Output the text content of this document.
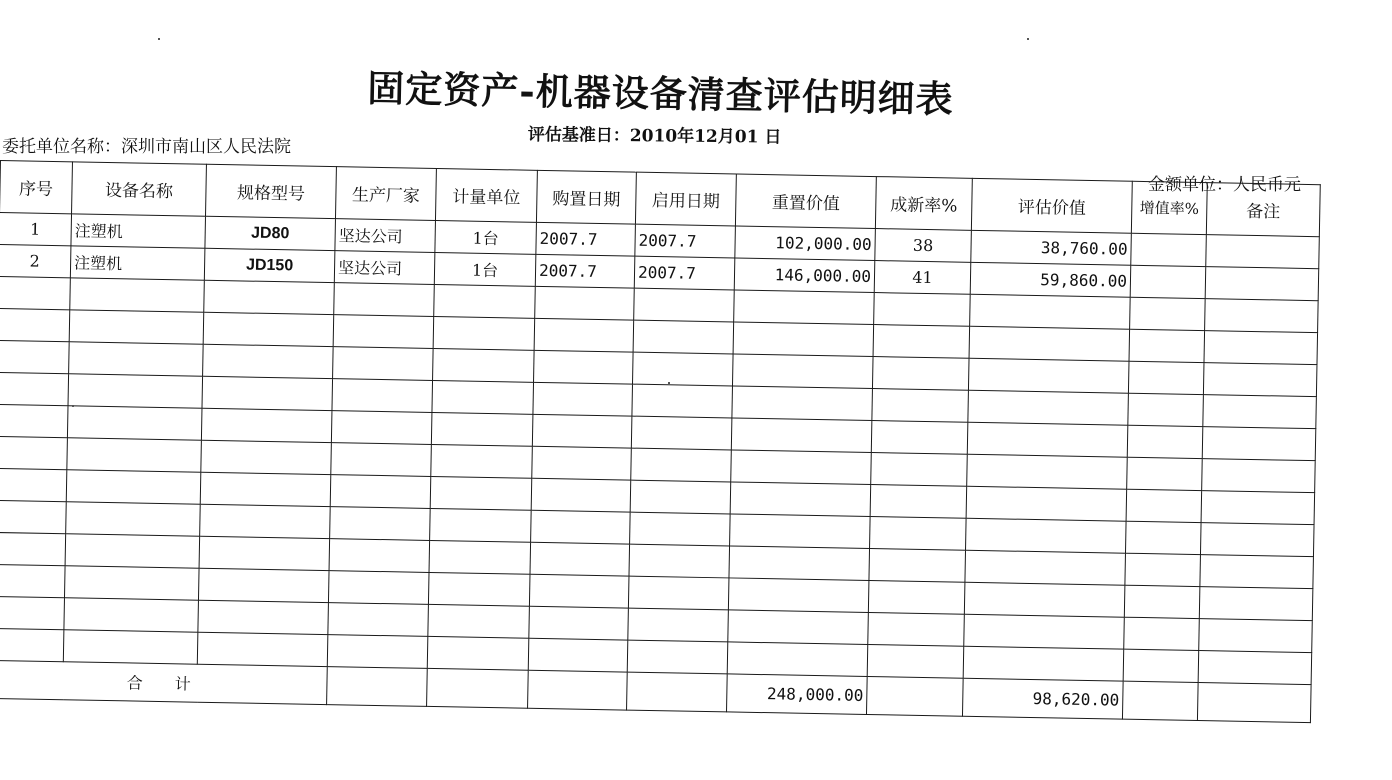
固定资产-机器设备清查评估明细表
评估基准日：2010年12月01 日
委托单位名称：深圳市南山区人民法院
金额单位：人民币元
序号	设备名称	规格型号	生产厂家	计量单位	购置日期	启用日期	重置价值	成新率%	评估价值	增值率%	备注
1	注塑机	JD80	坚达公司	1台	2007.7	2007.7	102,000.00	38	38,760.00		
2	注塑机	JD150	坚达公司	1台	2007.7	2007.7	146,000.00	41	59,860.00		

合　　计							248,000.00		98,620.00		
